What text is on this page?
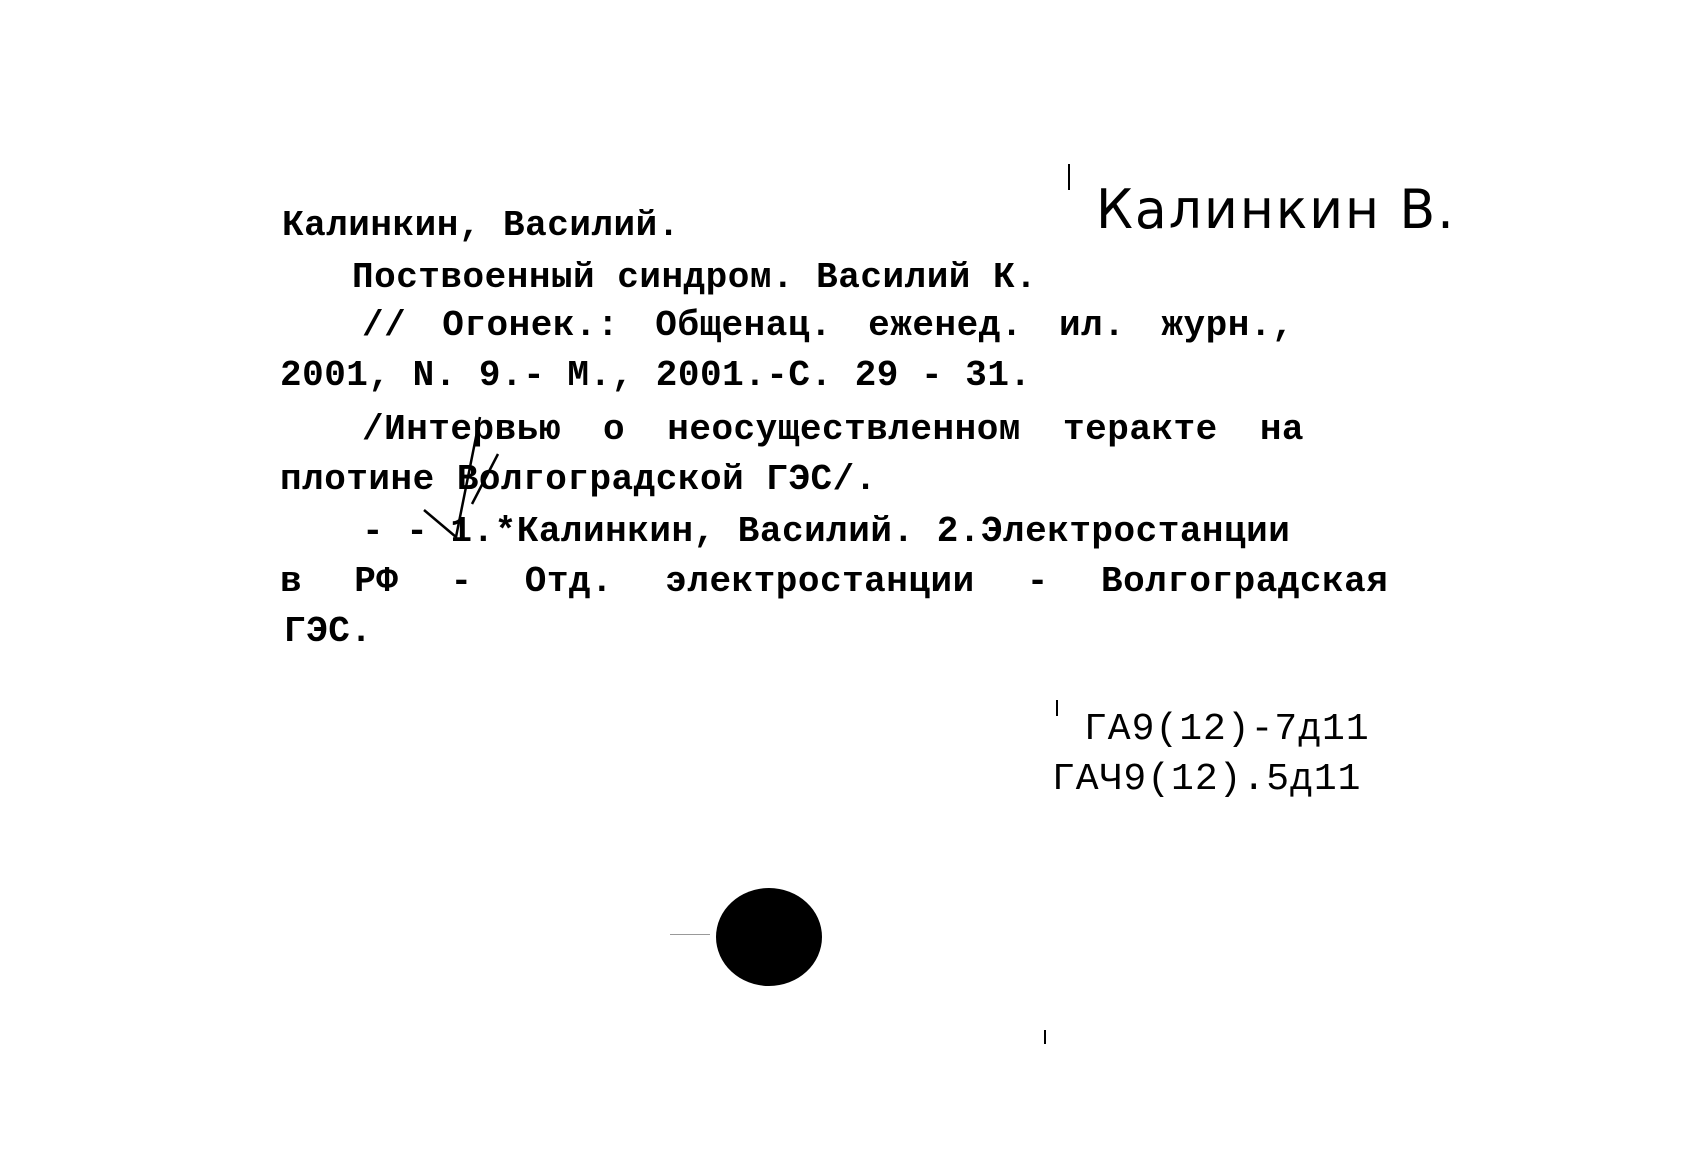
Калинкин, Василий.	Калинкин В.
Поствоенный синдром. Василий К.
// Огонек.: Общенац. еженед. ил. журн.,
2001, N. 9.- М., 2001.-С. 29 - 31.
/Интервью о неосуществленном теракте на
плотине Волгоградской ГЭС/.
- - 1.*Калинкин, Василий. 2.Электростанции
в РФ - Отд. электростанции - Волгоградская
ГЭС.
ГА9(12)-7д11
ГАЧ9(12).5д11
